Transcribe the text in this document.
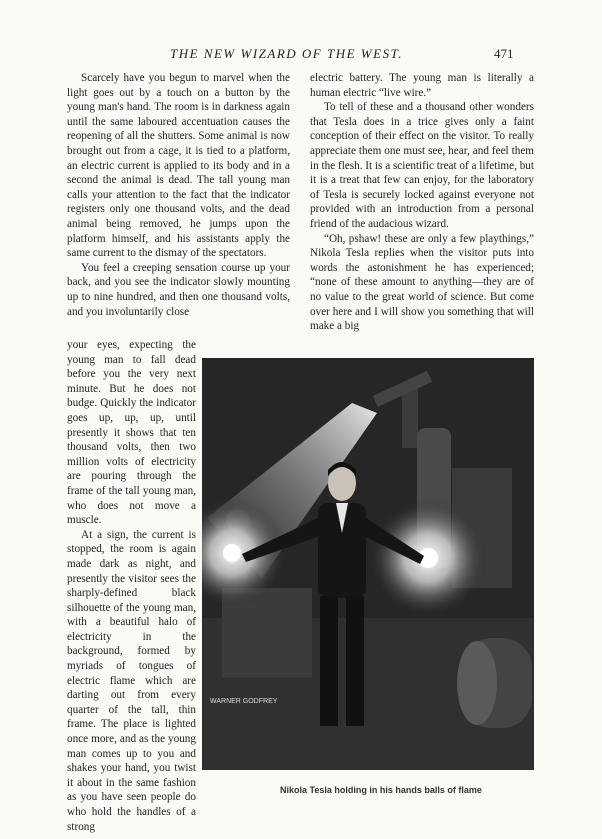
THE NEW WIZARD OF THE WEST.	471

Scarcely have you begun to marvel when the light goes out by a touch on a button by the young man's hand. The room is in darkness again until the same laboured accentuation causes the reopening of all the shutters. Some animal is now brought out from a cage, it is tied to a platform, an electric current is applied to its body and in a second the animal is dead. The tall young man calls your attention to the fact that the indicator registers only one thousand volts, and the dead animal being removed, he jumps upon the platform himself, and his assistants apply the same current to the dismay of the spectators.

You feel a creeping sensation course up your back, and you see the indicator slowly mounting up to nine hundred, and then one thousand volts, and you involuntarily close

your eyes, expecting the young man to fall dead before you the very next minute. But he does not budge. Quickly the indicator goes up, up, up, until presently it shows that ten thousand volts, then two million volts of electricity are pouring through the frame of the tall young man, who does not move a muscle.

At a sign, the current is stopped, the room is again made dark as night, and presently the visitor sees the sharply-defined black silhouette of the young man, with a beautiful halo of electricity in the background, formed by myriads of tongues of electric flame which are darting out from every quarter of the tall, thin frame. The place is lighted once more, and as the young man comes up to you and shakes your hand, you twist it about in the same fashion as you have seen people do who hold the handles of a strong

electric battery. The young man is literally a human electric “live wire.”

To tell of these and a thousand other wonders that Tesla does in a trice gives only a faint conception of their effect on the visitor. To really appreciate them one must see, hear, and feel them in the flesh. It is a scientific treat of a lifetime, but it is a treat that few can enjoy, for the laboratory of Tesla is securely locked against everyone not provided with an introduction from a personal friend of the audacious wizard.

“Oh, pshaw! these are only a few playthings,” Nikola Tesla replies when the visitor puts into words the astonishment he has experienced; “none of these amount to anything—they are of no value to the great world of science. But come over here and I will show you something that will make a big

WARNER GODFREY
Nikola Tesla holding in his hands balls of flame
